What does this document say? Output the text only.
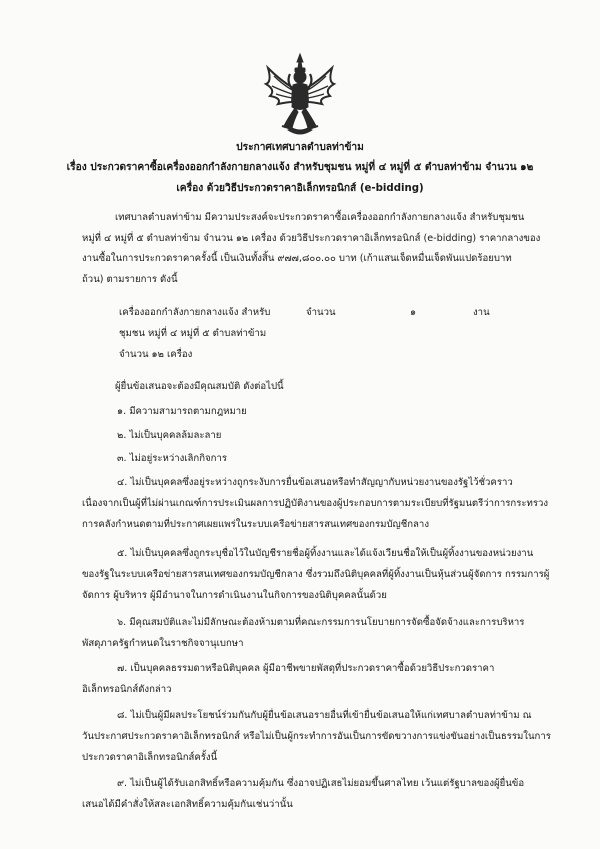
ประกาศเทศบาลตำบลท่าข้าม
เรื่อง ประกวดราคาซื้อเครื่องออกกำลังกายกลางแจ้ง สำหรับชุมชน หมู่ที่ ๔ หมู่ที่ ๕ ตำบลท่าข้าม จำนวน ๑๒
เครื่อง ด้วยวิธีประกวดราคาอิเล็กทรอนิกส์ (e-bidding)
เทศบาลตำบลท่าข้าม มีความประสงค์จะประกวดราคาซื้อเครื่องออกกำลังกายกลางแจ้ง สำหรับชุมชน
หมู่ที่ ๔ หมู่ที่ ๕ ตำบลท่าข้าม จำนวน ๑๒ เครื่อง ด้วยวิธีประกวดราคาอิเล็กทรอนิกส์ (e-bidding) ราคากลางของ
งานซื้อในการประกวดราคาครั้งนี้ เป็นเงินทั้งสิ้น ๙๗๗,๘๐๐.๐๐ บาท (เก้าแสนเจ็ดหมื่นเจ็ดพันแปดร้อยบาท
ถ้วน) ตามรายการ ดังนี้
เครื่องออกกำลังกายกลางแจ้ง สำหรับ	จำนวน	๑	งาน
ชุมชน หมู่ที่ ๔ หมู่ที่ ๕ ตำบลท่าข้าม
จำนวน ๑๒ เครื่อง
ผู้ยื่นข้อเสนอจะต้องมีคุณสมบัติ ดังต่อไปนี้
๑. มีความสามารถตามกฎหมาย
๒. ไม่เป็นบุคคลล้มละลาย
๓. ไม่อยู่ระหว่างเลิกกิจการ
๔. ไม่เป็นบุคคลซึ่งอยู่ระหว่างถูกระงับการยื่นข้อเสนอหรือทำสัญญากับหน่วยงานของรัฐไว้ชั่วคราว
เนื่องจากเป็นผู้ที่ไม่ผ่านเกณฑ์การประเมินผลการปฏิบัติงานของผู้ประกอบการตามระเบียบที่รัฐมนตรีว่าการกระทรวง
การคลังกำหนดตามที่ประกาศเผยแพร่ในระบบเครือข่ายสารสนเทศของกรมบัญชีกลาง
๕. ไม่เป็นบุคคลซึ่งถูกระบุชื่อไว้ในบัญชีรายชื่อผู้ทิ้งงานและได้แจ้งเวียนชื่อให้เป็นผู้ทิ้งงานของหน่วยงาน
ของรัฐในระบบเครือข่ายสารสนเทศของกรมบัญชีกลาง ซึ่งรวมถึงนิติบุคคลที่ผู้ทิ้งงานเป็นหุ้นส่วนผู้จัดการ กรรมการผู้
จัดการ ผู้บริหาร ผู้มีอำนาจในการดำเนินงานในกิจการของนิติบุคคลนั้นด้วย
๖. มีคุณสมบัติและไม่มีลักษณะต้องห้ามตามที่คณะกรรมการนโยบายการจัดซื้อจัดจ้างและการบริหาร
พัสดุภาครัฐกำหนดในราชกิจจานุเบกษา
๗. เป็นบุคคลธรรมดาหรือนิติบุคคล ผู้มีอาชีพขายพัสดุที่ประกวดราคาซื้อด้วยวิธีประกวดราคา
อิเล็กทรอนิกส์ดังกล่าว
๘. ไม่เป็นผู้มีผลประโยชน์ร่วมกันกับผู้ยื่นข้อเสนอรายอื่นที่เข้ายื่นข้อเสนอให้แก่เทศบาลตำบลท่าข้าม ณ
วันประกาศประกวดราคาอิเล็กทรอนิกส์ หรือไม่เป็นผู้กระทำการอันเป็นการขัดขวางการแข่งขันอย่างเป็นธรรมในการ
ประกวดราคาอิเล็กทรอนิกส์ครั้งนี้
๙. ไม่เป็นผู้ได้รับเอกสิทธิ์หรือความคุ้มกัน ซึ่งอาจปฏิเสธไม่ยอมขึ้นศาลไทย เว้นแต่รัฐบาลของผู้ยื่นข้อ
เสนอได้มีคำสั่งให้สละเอกสิทธิ์ความคุ้มกันเช่นว่านั้น
